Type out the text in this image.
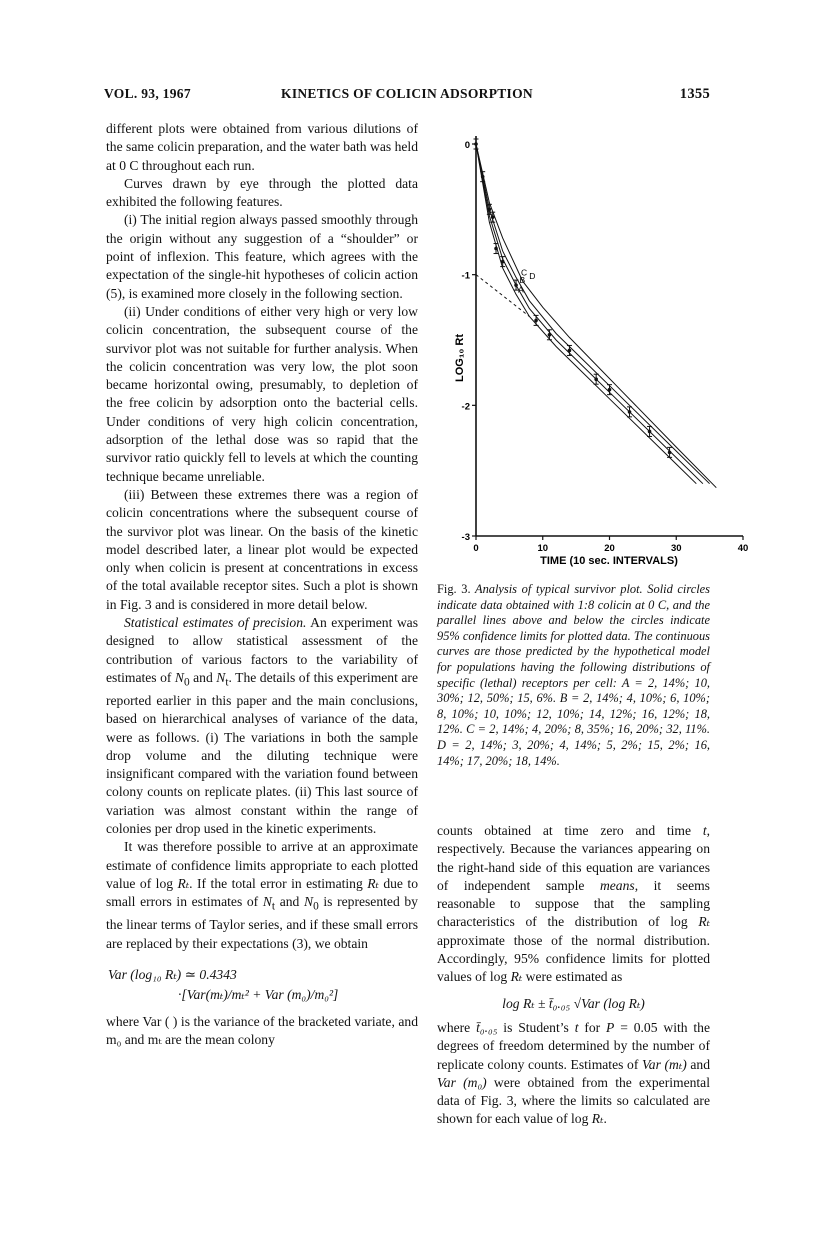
VOL. 93, 1967	KINETICS OF COLICIN ADSORPTION	1355

different plots were obtained from various dilutions of the same colicin preparation, and the water bath was held at 0 C throughout each run.

Curves drawn by eye through the plotted data exhibited the following features.

(i) The initial region always passed smoothly through the origin without any suggestion of a “shoulder” or point of inflexion. This feature, which agrees with the expectation of the single-hit hypotheses of colicin action (5), is examined more closely in the following section.

(ii) Under conditions of either very high or very low colicin concentration, the subsequent course of the survivor plot was not suitable for further analysis. When the colicin concentration was very low, the plot soon became horizontal owing, presumably, to depletion of the free colicin by adsorption onto the bacterial cells. Under conditions of very high colicin concentration, adsorption of the lethal dose was so rapid that the survivor ratio quickly fell to levels at which the counting technique became unreliable.

(iii) Between these extremes there was a region of colicin concentrations where the subsequent course of the survivor plot was linear. On the basis of the kinetic model described later, a linear plot would be expected only when colicin is present at concentrations in excess of the total available receptor sites. Such a plot is shown in Fig. 3 and is considered in more detail below.

Statistical estimates of precision. An experiment was designed to allow statistical assessment of the contribution of various factors to the variability of estimates of $N_0$ and $N_t$. The details of this experiment are reported earlier in this paper and the main conclusions, based on hierarchical analyses of variance of the data, were as follows. (i) The variations in both the sample drop volume and the diluting technique were insignificant compared with the variation found between colony counts on replicate plates. (ii) This last source of variation was almost constant within the range of colonies per drop used in the kinetic experiments.

It was therefore possible to arrive at an approximate estimate of confidence limits appropriate to each plotted value of log Rₜ. If the total error in estimating Rₜ due to small errors in estimates of $N_t$ and $N_0$ is represented by the linear terms of Taylor series, and if these small errors are replaced by their expectations (3), we obtain

Var (log₁₀ Rₜ) ≃ 0.4343
·[Var(mₜ)/mₜ² + Var (m₀)/m₀²]

where Var ( ) is the variance of the bracketed variate, and m₀ and mₜ are the mean colony

0
-1
-2
-3
0	10	20	30	40
A
B
C D
LOG₁₀ Rt
TIME (10 sec. INTERVALS)
Fig. 3. Analysis of typical survivor plot. Solid circles indicate data obtained with 1:8 colicin at 0 C, and the parallel lines above and below the circles indicate 95% confidence limits for plotted data. The continuous curves are those predicted by the hypothetical model for populations having the following distributions of specific (lethal) receptors per cell: A = 2, 14%; 10, 30%; 12, 50%; 15, 6%. B = 2, 14%; 4, 10%; 6, 10%; 8, 10%; 10, 10%; 12, 10%; 14, 12%; 16, 12%; 18, 12%. C = 2, 14%; 4, 20%; 8, 35%; 16, 20%; 32, 11%. D = 2, 14%; 3, 20%; 4, 14%; 5, 2%; 15, 2%; 16, 14%; 17, 20%; 18, 14%.

counts obtained at time zero and time t, respectively. Because the variances appearing on the right-hand side of this equation are variances of independent sample means, it seems reasonable to suppose that the sampling characteristics of the distribution of log Rₜ approximate those of the normal distribution. Accordingly, 95% confidence limits for plotted values of log Rₜ were estimated as

log Rₜ ± t̄₀.₀₅ √Var (log Rₜ)

where t̄₀.₀₅ is Student’s t for P = 0.05 with the degrees of freedom determined by the number of replicate colony counts. Estimates of Var (mₜ) and Var (m₀) were obtained from the experimental data of Fig. 3, where the limits so calculated are shown for each value of log Rₜ.
